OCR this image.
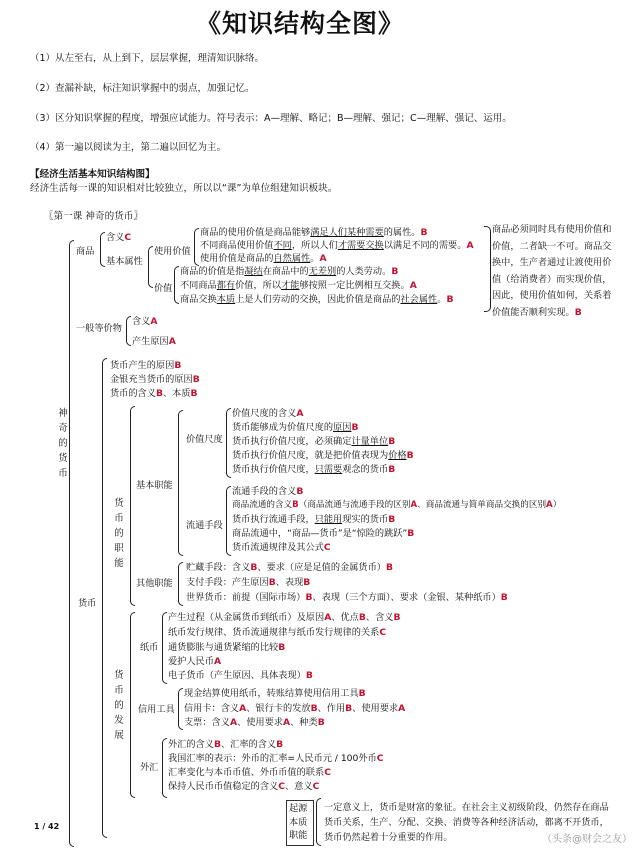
《知识结构全图》
（1）从左至右，从上到下，层层掌握，理清知识脉络。
（2）查漏补缺，标注知识掌握中的弱点，加强记忆。
（3）区分知识掌握的程度，增强应试能力。符号表示：A—理解、略记；B—理解、强记；C—理解、强记、运用。
（4）第一遍以阅读为主，第二遍以回忆为主。
【经济生活基本知识结构图】
经济生活每一课的知识相对比较独立，所以以“课”为单位组建知识板块。
〖第一课 神奇的货币〗
神奇的货币
商品
含义C
基本属性
使用价值
商品的使用价值是商品能够满足人们某种需要的属性。B
不同商品使用价值不同，所以人们才需要交换以满足不同的需要。A
使用价值是商品的自然属性。A
价值
商品的价值是指凝结在商品中的无差别的人类劳动。B
不同商品都有价值，所以才能够按照一定比例相互交换。A
商品交换本质上是人们劳动的交换，因此价值是商品的社会属性。B
商品必须同时具有使用价值和价值，二者缺一不可。商品交换中，生产者通过让渡使用价值（给消费者）而实现价值，因此，使用价值如何，关系着价值能否顺利实现。B
一般等价物
含义A
产生原因A
货币
货币产生的原因B
金银充当货币的原因B
货币的含义B、本质B
货币的职能
基本职能
价值尺度
价值尺度的含义A
货币能够成为价值尺度的原因B
货币执行价值尺度，必须确定计量单位B
货币执行价值尺度，就是把价值表现为价格B
货币执行价值尺度，只需要观念的货币B
流通手段
流通手段的含义B
商品流通的含义B（商品流通与流通手段的区别A、商品流通与简单商品交换的区别A）
货币执行流通手段，只能用现实的货币B
商品流通中，“商品—货币”是“惊险的跳跃”B
货币流通规律及其公式C
其他职能
贮藏手段：含义B、要求（应是足值的金属货币）B
支付手段：产生原因B、表现B
世界货币：前提（国际市场）B、表现（三个方面）、要求（金银、某种纸币）B
货币的发展
纸币
产生过程（从金属货币到纸币）及原因A、优点B、含义B
纸币发行规律、货币流通规律与纸币发行规律的关系C
通货膨胀与通货紧缩的比较B
爱护人民币A
电子货币（产生原因、具体表现）B
信用工具
现金结算使用纸币，转账结算使用信用工具B
信用卡：含义A、银行卡的发放B、作用B、使用要求A
支票：含义A、使用要求A、种类B
外汇
外汇的含义B、汇率的含义B
我国汇率的表示：外币的汇率=人民币元 / 100外币C
汇率变化与本币币值、外币币值的联系C
保持人民币币值稳定的含义C、意义C
起源本质职能
一定意义上，货币是财富的象征。在社会主义初级阶段，仍然存在商品货币关系，生产、分配、交换、消费等各种经济活动，都离不开货币，货币仍然起着十分重要的作用。
1 / 42
（头条@财会之友）
